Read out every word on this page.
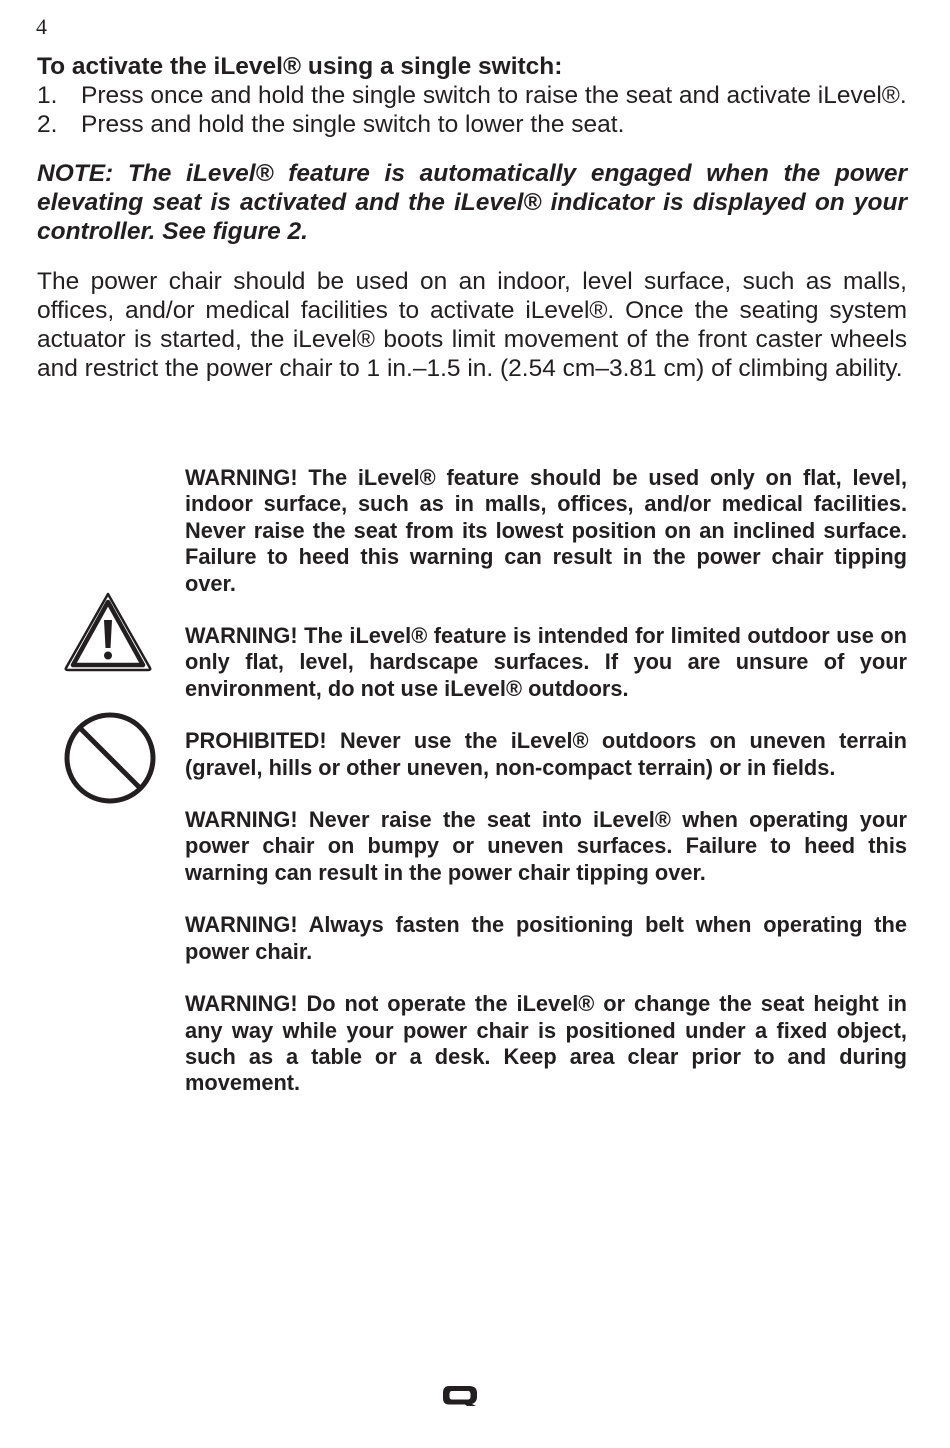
4
To activate the iLevel® using a single switch:
1. Press once and hold the single switch to raise the seat and activate iLevel®.
2. Press and hold the single switch to lower the seat.

NOTE: The iLevel® feature is automatically engaged when the power elevating seat is activated and the iLevel® indicator is displayed on your controller. See figure 2.

The power chair should be used on an indoor, level surface, such as malls, offices, and/or medical facilities to activate iLevel®. Once the seating system actuator is started, the iLevel® boots limit movement of the front caster wheels and restrict the power chair to 1 in.–1.5 in. (2.54 cm–3.81 cm) of climbing ability.

WARNING! The iLevel® feature should be used only on flat, level, indoor surface, such as in malls, offices, and/or medical facilities. Never raise the seat from its lowest position on an inclined surface. Failure to heed this warning can result in the power chair tipping over.

WARNING! The iLevel® feature is intended for limited outdoor use on only flat, level, hardscape surfaces. If you are unsure of your environment, do not use iLevel® outdoors.

PROHIBITED! Never use the iLevel® outdoors on uneven terrain (gravel, hills or other uneven, non-compact terrain) or in fields.

WARNING! Never raise the seat into iLevel® when operating your power chair on bumpy or uneven surfaces. Failure to heed this warning can result in the power chair tipping over.

WARNING! Always fasten the positioning belt when operating the power chair.

WARNING! Do not operate the iLevel® or change the seat height in any way while your power chair is positioned under a fixed object, such as a table or a desk. Keep area clear prior to and during movement.
